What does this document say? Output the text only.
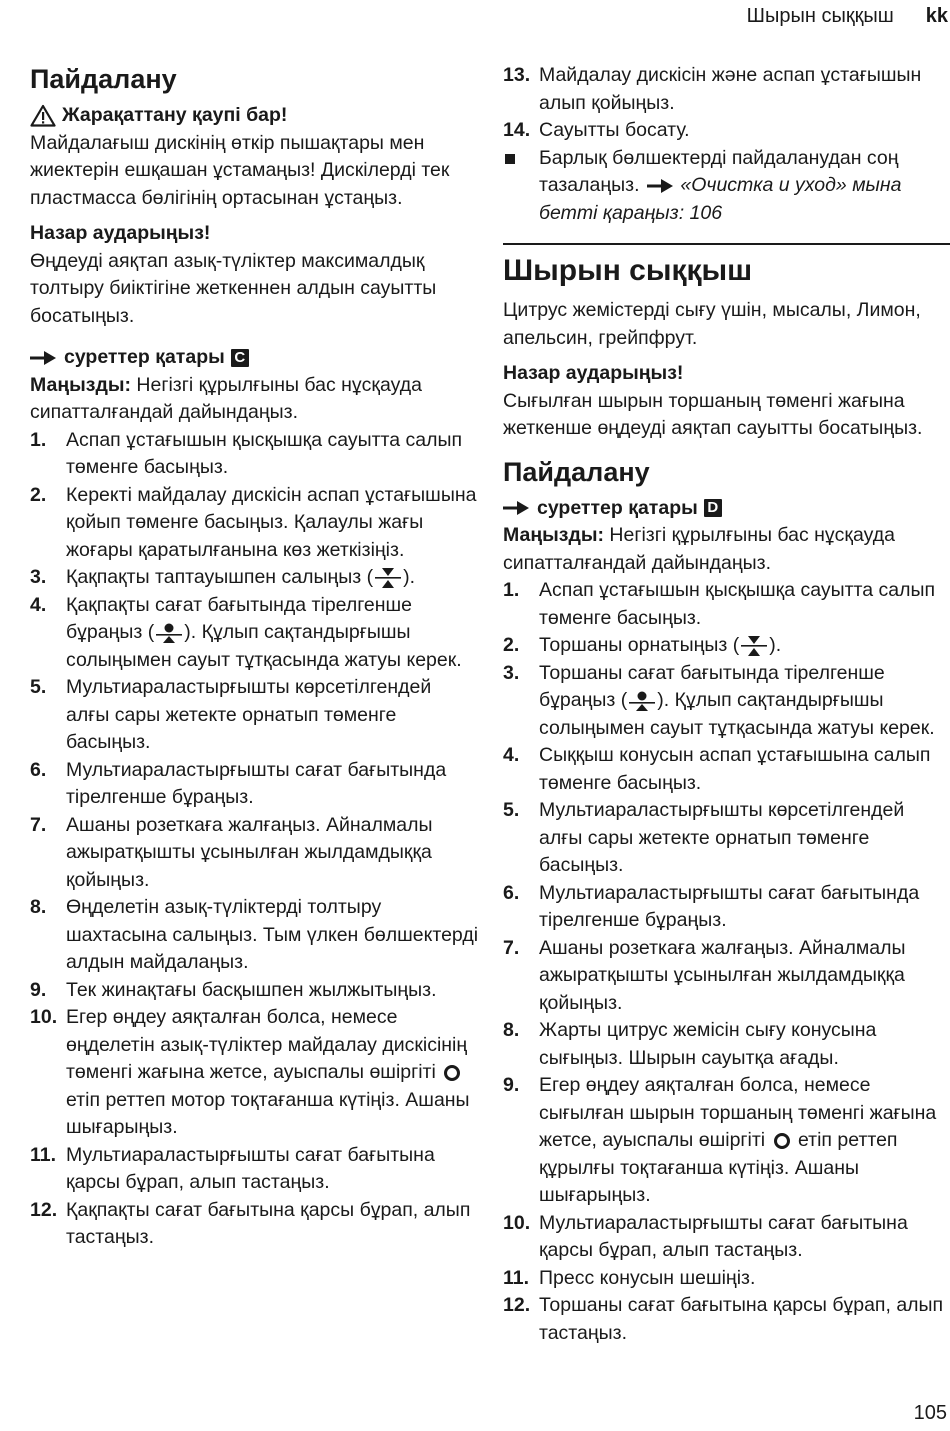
Шырын сыққыш kk
Пайдалану
Жарақаттану қаупі бар!

Майдалағыш дискінің өткір пышақтары мен жиектерін ешқашан ұстамаңыз! Дискілерді тек пластмасса бөлігінің ортасынан ұстаңыз.

Назар аударыңыз!

Өңдеуді аяқтап азық-түліктер максималдық толтыру биіктігіне жеткеннен алдын сауытты босатыңыз.

суреттер қатары C

Маңызды: Негізгі құрылғыны бас нұсқауда сипатталғандай дайындаңыз.

1.	Аспап ұстағышын қысқышқа сауытта салып төменге басыңыз.
2.	Керекті майдалау дискісін аспап ұстағышына қойып төменге басыңыз. Қалаулы жағы жоғары қаратылғанына көз жеткізіңіз.
3.	Қақпақты таптауышпен салыңыз ( ).
4.	Қақпақты сағат бағытында тірелгенше бұраңыз ( ). Құлып сақтандырғышы солыңымен сауыт тұтқасында жатуы керек.
5.	Мультиараластырғышты көрсетілгендей алғы сары жетекте орнатып төменге басыңыз.
6.	Мультиараластырғышты сағат бағытында тірелгенше бұраңыз.
7.	Ашаны розеткаға жалғаңыз. Айналмалы ажыратқышты ұсынылған жылдамдыққа қойыңыз.
8.	Өңделетін азық-түліктерді толтыру шахтасына салыңыз. Тым үлкен бөлшектерді алдын майдалаңыз.
9.	Тек жинақтағы басқышпен жылжытыңыз.
10. Егер өңдеу аяқталған болса, немесе өңделетін азық-түліктер майдалау дискісінің төменгі жағына жетсе, ауыспалы өшіргіті  етіп реттеп мотор тоқтағанша күтіңіз. Ашаны шығарыңыз.
11. Мультиараластырғышты сағат бағытына қарсы бұрап, алып тастаңыз.
12. Қақпақты сағат бағытына қарсы бұрап, алып тастаңыз.
13. Майдалау дискісін және аспап ұстағышын алып қойыңыз.
14. Сауытты босату.
Барлық бөлшектерді пайдаланудан соң тазалаңыз.  «Очистка и уход» мына бетті қараңыз: 106
Шырын сыққыш

Цитрус жемістерді сығу үшін, мысалы, Лимон, апельсин, грейпфрут.

Назар аударыңыз!

Сығылған шырын торшаның төменгі жағына жеткенше өңдеуді аяқтап сауытты босатыңыз.

Пайдалану
суреттер қатары D

Маңызды: Негізгі құрылғыны бас нұсқауда сипатталғандай дайындаңыз.

1.	Аспап ұстағышын қысқышқа сауытта салып төменге басыңыз.
2.	Торшаны орнатыңыз ( ).
3.	Торшаны сағат бағытында тірелгенше бұраңыз ( ). Құлып сақтандырғышы солыңымен сауыт тұтқасында жатуы керек.
4.	Сыққыш конусын аспап ұстағышына салып төменге басыңыз.
5.	Мультиараластырғышты көрсетілгендей алғы сары жетекте орнатып төменге басыңыз.
6.	Мультиараластырғышты сағат бағытында тірелгенше бұраңыз.
7.	Ашаны розеткаға жалғаңыз. Айналмалы ажыратқышты ұсынылған жылдамдыққа қойыңыз.
8.	Жарты цитрус жемісін сығу конусына сығыңыз. Шырын сауытқа ағады.
9.	Егер өңдеу аяқталған болса, немесе сығылған шырын торшаның төменгі жағына жетсе, ауыспалы өшіргіті  етіп реттеп құрылғы тоқтағанша күтіңіз. Ашаны шығарыңыз.
10. Мультиараластырғышты сағат бағытына қарсы бұрап, алып тастаңыз.
11. Пресс конусын шешіңіз.
12. Торшаны сағат бағытына қарсы бұрап, алып тастаңыз.
105
